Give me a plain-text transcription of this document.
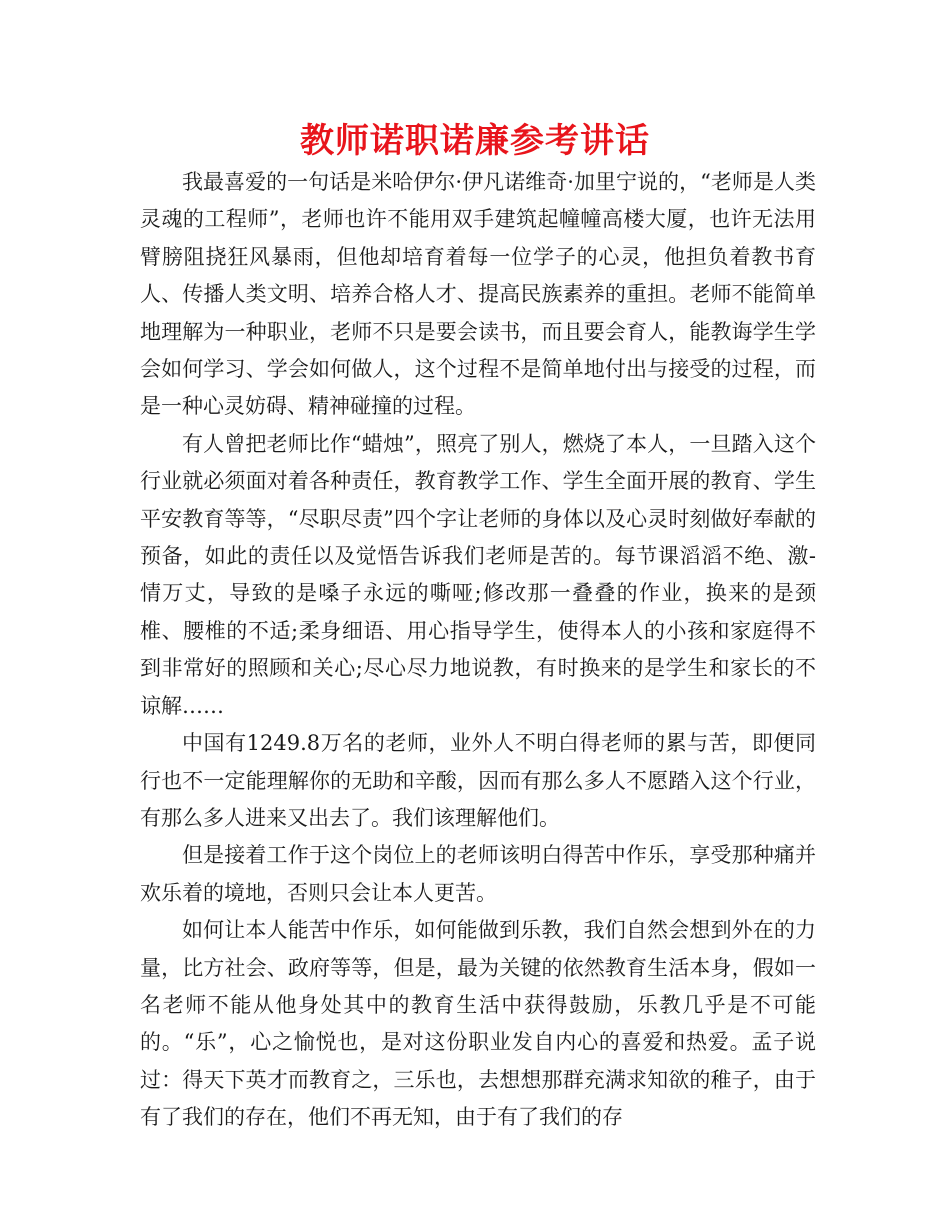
教师诺职诺廉参考讲话

我最喜爱的一句话是米哈伊尔·伊凡诺维奇·加里宁说的，“老师是人类灵魂的工程师”，老师也许不能用双手建筑起幢幢高楼大厦，也许无法用臂膀阻挠狂风暴雨，但他却培育着每一位学子的心灵，他担负着教书育人、传播人类文明、培养合格人才、提高民族素养的重担。老师不能简单地理解为一种职业，老师不只是要会读书，而且要会育人，能教诲学生学会如何学习、学会如何做人，这个过程不是简单地付出与接受的过程，而是一种心灵妨碍、精神碰撞的过程。

有人曾把老师比作“蜡烛”，照亮了别人，燃烧了本人，一旦踏入这个行业就必须面对着各种责任，教育教学工作、学生全面开展的教育、学生平安教育等等，“尽职尽责”四个字让老师的身体以及心灵时刻做好奉献的预备，如此的责任以及觉悟告诉我们老师是苦的。每节课滔滔不绝、激-情万丈，导致的是嗓子永远的嘶哑;修改那一叠叠的作业，换来的是颈椎、腰椎的不适;柔身细语、用心指导学生，使得本人的小孩和家庭得不到非常好的照顾和关心;尽心尽力地说教，有时换来的是学生和家长的不谅解……

中国有1249.8万名的老师，业外人不明白得老师的累与苦，即便同行也不一定能理解你的无助和辛酸，因而有那么多人不愿踏入这个行业，有那么多人进来又出去了。我们该理解他们。

但是接着工作于这个岗位上的老师该明白得苦中作乐，享受那种痛并欢乐着的境地，否则只会让本人更苦。

如何让本人能苦中作乐，如何能做到乐教，我们自然会想到外在的力量，比方社会、政府等等，但是，最为关键的依然教育生活本身，假如一名老师不能从他身处其中的教育生活中获得鼓励，乐教几乎是不可能的。“乐”，心之愉悦也，是对这份职业发自内心的喜爱和热爱。孟子说过：得天下英才而教育之，三乐也，去想想那群充满求知欲的稚子，由于有了我们的存在，他们不再无知，由于有了我们的存
